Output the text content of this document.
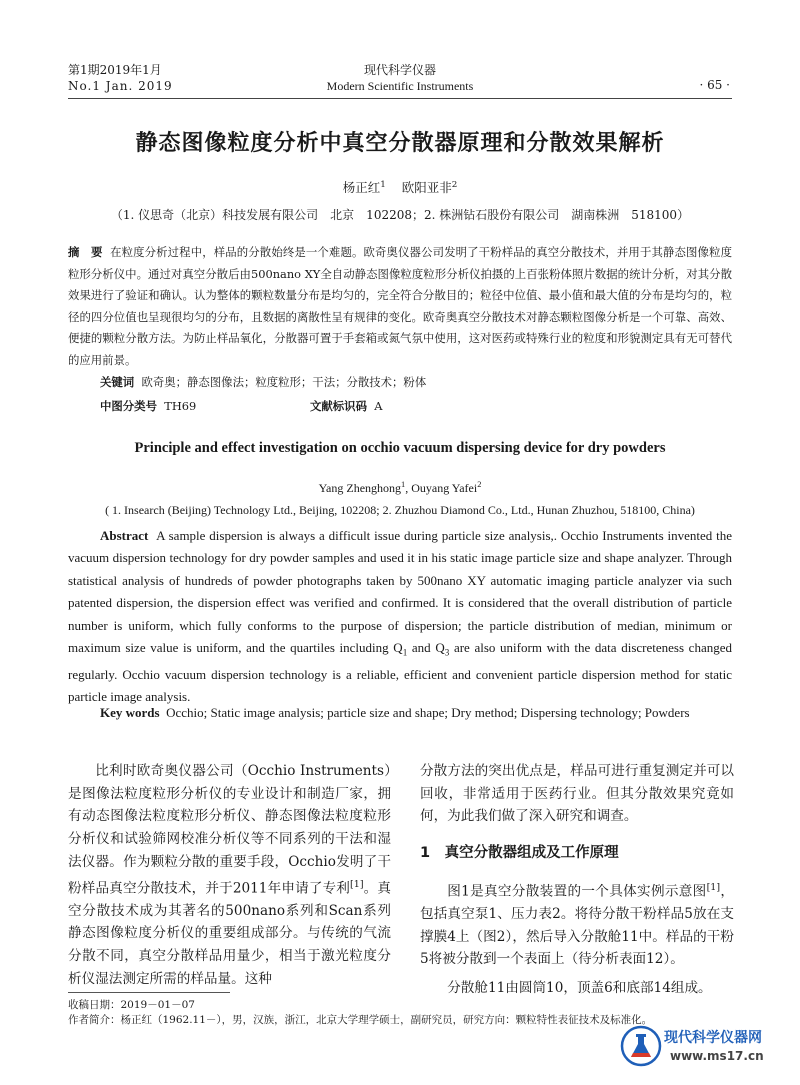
第1期2019年1月
No.1 Jan. 2019
现代科学仪器
Modern Scientific Instruments	· 65 ·
静态图像粒度分析中真空分散器原理和分散效果解析
杨正红$^1$ 欧阳亚非$^2$
（1. 仪思奇（北京）科技发展有限公司　北京　102208；2. 株洲钻石股份有限公司　湖南株洲　518100）
摘　要 在粒度分析过程中，样品的分散始终是一个难题。欧奇奥仪器公司发明了干粉样品的真空分散技术，并用于其静态图像粒度粒形分析仪中。通过对真空分散后由500nano XY全自动静态图像粒度粒形分析仪拍摄的上百张粉体照片数据的统计分析，对其分散效果进行了验证和确认。认为整体的颗粒数量分布是均匀的，完全符合分散目的；粒径中位值、最小值和最大值的分布是均匀的，粒径的四分位值也呈现很均匀的分布，且数据的离散性呈有规律的变化。欧奇奥真空分散技术对静态颗粒图像分析是一个可靠、高效、便捷的颗粒分散方法。为防止样品氧化，分散器可置于手套箱或氮气氛中使用，这对医药或特殊行业的粒度和形貌测定具有无可替代的应用前景。
关键词 欧奇奥；静态图像法；粒度粒形；干法；分散技术；粉体
中图分类号 TH69	文献标识码 A
Principle and effect investigation on occhio vacuum dispersing device for dry powders
Yang Zhenghong$^1$, Ouyang Yafei$^2$
( 1. Insearch (Beijing) Technology Ltd., Beijing, 102208; 2. Zhuzhou Diamond Co., Ltd., Hunan Zhuzhou, 518100, China)
Abstract A sample dispersion is always a difficult issue during particle size analysis,. Occhio Instruments invented the vacuum dispersion technology for dry powder samples and used it in his static image particle size and shape analyzer. Through statistical analysis of hundreds of powder photographs taken by 500nano XY automatic imaging particle analyzer via such patented dispersion, the dispersion effect was verified and confirmed. It is considered that the overall distribution of particle number is uniform, which fully conforms to the purpose of dispersion; the particle distribution of median, minimum or maximum size value is uniform, and the quartiles including $Q_1$ and $Q_3$ are also uniform with the data discreteness changed regularly. Occhio vacuum dispersion technology is a reliable, efficient and convenient particle dispersion method for static particle image analysis.
Key words Occhio; Static image analysis; particle size and shape; Dry method; Dispersing technology; Powders

比利时欧奇奥仪器公司（Occhio Instruments）是图像法粒度粒形分析仪的专业设计和制造厂家，拥有动态图像法粒度粒形分析仪、静态图像法粒度粒形分析仪和试验筛网校准分析仪等不同系列的干法和湿法仪器。作为颗粒分散的重要手段，Occhio发明了干粉样品真空分散技术，并于2011年申请了专利[1]。真空分散技术成为其著名的500nano系列和Scan系列静态图像粒度分析仪的重要组成部分。与传统的气流分散不同，真空分散样品用量少，相当于激光粒度分析仪湿法测定所需的样品量。这种

分散方法的突出优点是，样品可进行重复测定并可以回收，非常适用于医药行业。但其分散效果究竟如何，为此我们做了深入研究和调查。

1　真空分散器组成及工作原理

图1是真空分散装置的一个具体实例示意图[1]，包括真空泵1、压力表2。将待分散干粉样品5放在支撑膜4上（图2），然后导入分散舱11中。样品的干粉5将被分散到一个表面上（待分析表面12）。

分散舱11由圆筒10，顶盖6和底部14组成。

收稿日期：2019－01－07
作者简介：杨正红（1962.11－），男，汉族，浙江，北京大学理学硕士，副研究员，研究方向：颗粒特性表征技术及标准化。
现代科学仪器网
www.ms17.cn
